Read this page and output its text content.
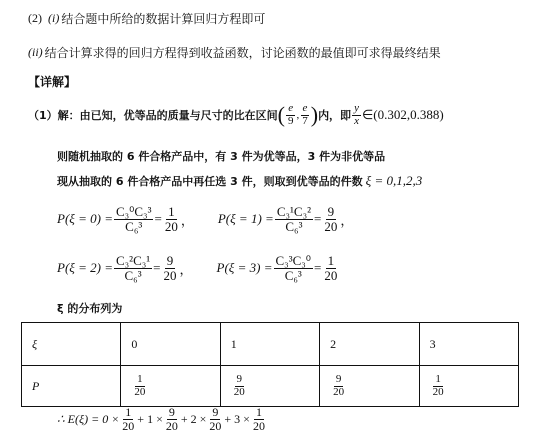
(2) (i) 结合题中所给的数据计算回归方程即可
(ii) 结合计算求得的回归方程得到收益函数，讨论函数的最值即可求得最终结果
【详解】
（1） 解：由已知，优等品的质量与尺寸的比在区间 ( $\frac{e}{9}$ , $\frac{e}{7}$ ) 内，即 $\frac{y}{x}$ ∈(0.302,0.388)
则随机抽取的 6 件合格产品中，有 3 件为优等品，3 件为非优等品
现从抽取的 6 件合格产品中再任选 3 件，则取到优等品的件数 ξ = 0,1,2,3
$P(\xi = 0) = \frac{\text{C₃⁰C₃³}}{\text{C₆³}} = \frac{1}{20}$ ， $P(\xi = 1) = \frac{\text{C₃¹C₃²}}{\text{C₆³}} = \frac{9}{20}$ ，
$P(\xi = 2) = \frac{\text{C₃²C₃¹}}{\text{C₆³}} = \frac{9}{20}$ ， $P(\xi = 3) = \frac{\text{C₃³C₃⁰}}{\text{C₆³}} = \frac{1}{20}$
ξ 的分布列为
ξ	0	1	2	3
P	$\frac{1}{20}$	$\frac{9}{20}$	$\frac{9}{20}$	$\frac{1}{20}$
∴ $E(\xi) = 0 \times \frac{1}{20} + 1 \times \frac{9}{20} + 2 \times \frac{9}{20} + 3 \times \frac{1}{20}$
